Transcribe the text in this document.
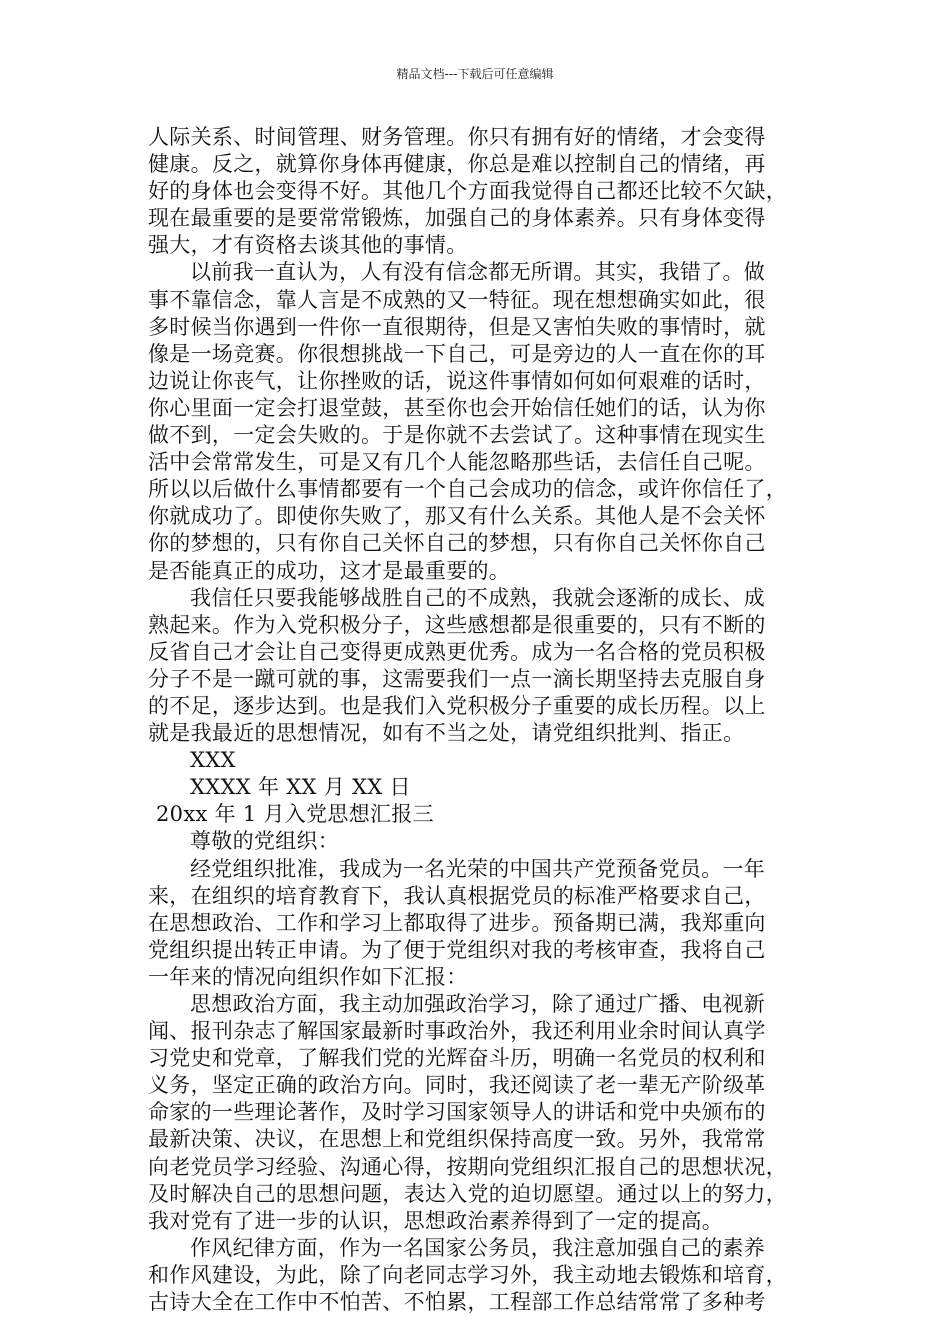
精品文档---下载后可任意编辑
人际关系、时间管理、财务管理。你只有拥有好的情绪，才会变得
健康。反之，就算你身体再健康，你总是难以控制自己的情绪，再
好的身体也会变得不好。其他几个方面我觉得自己都还比较不欠缺，
现在最重要的是要常常锻炼，加强自己的身体素养。只有身体变得
强大，才有资格去谈其他的事情。
以前我一直认为，人有没有信念都无所谓。其实，我错了。做
事不靠信念，靠人言是不成熟的又一特征。现在想想确实如此，很
多时候当你遇到一件你一直很期待，但是又害怕失败的事情时，就
像是一场竞赛。你很想挑战一下自己，可是旁边的人一直在你的耳
边说让你丧气，让你挫败的话，说这件事情如何如何艰难的话时，
你心里面一定会打退堂鼓，甚至你也会开始信任她们的话，认为你
做不到，一定会失败的。于是你就不去尝试了。这种事情在现实生
活中会常常发生，可是又有几个人能忽略那些话，去信任自己呢。
所以以后做什么事情都要有一个自己会成功的信念，或许你信任了，
你就成功了。即使你失败了，那又有什么关系。其他人是不会关怀
你的梦想的，只有你自己关怀自己的梦想，只有你自己关怀你自己
是否能真正的成功，这才是最重要的。
我信任只要我能够战胜自己的不成熟，我就会逐渐的成长、成
熟起来。作为入党积极分子，这些感想都是很重要的，只有不断的
反省自己才会让自己变得更成熟更优秀。成为一名合格的党员积极
分子不是一蹴可就的事，这需要我们一点一滴长期坚持去克服自身
的不足，逐步达到。也是我们入党积极分子重要的成长历程。以上
就是我最近的思想情况，如有不当之处，请党组织批判、指正。
XXX
XXXX 年 XX 月 XX 日
20xx 年 1 月入党思想汇报三
尊敬的党组织：
经党组织批准，我成为一名光荣的中国共产党预备党员。一年
来，在组织的培育教育下，我认真根据党员的标准严格要求自己，
在思想政治、工作和学习上都取得了进步。预备期已满，我郑重向
党组织提出转正申请。为了便于党组织对我的考核审查，我将自己
一年来的情况向组织作如下汇报：
思想政治方面，我主动加强政治学习，除了通过广播、电视新
闻、报刊杂志了解国家最新时事政治外，我还利用业余时间认真学
习党史和党章，了解我们党的光辉奋斗历，明确一名党员的权利和
义务，坚定正确的政治方向。同时，我还阅读了老一辈无产阶级革
命家的一些理论著作，及时学习国家领导人的讲话和党中央颁布的
最新决策、决议，在思想上和党组织保持高度一致。另外，我常常
向老党员学习经验、沟通心得，按期向党组织汇报自己的思想状况，
及时解决自己的思想问题，表达入党的迫切愿望。通过以上的努力，
我对党有了进一步的认识，思想政治素养得到了一定的提高。
作风纪律方面，作为一名国家公务员，我注意加强自己的素养
和作风建设，为此，除了向老同志学习外，我主动地去锻炼和培育，
古诗大全在工作中不怕苦、不怕累，工程部工作总结常常了多种考
